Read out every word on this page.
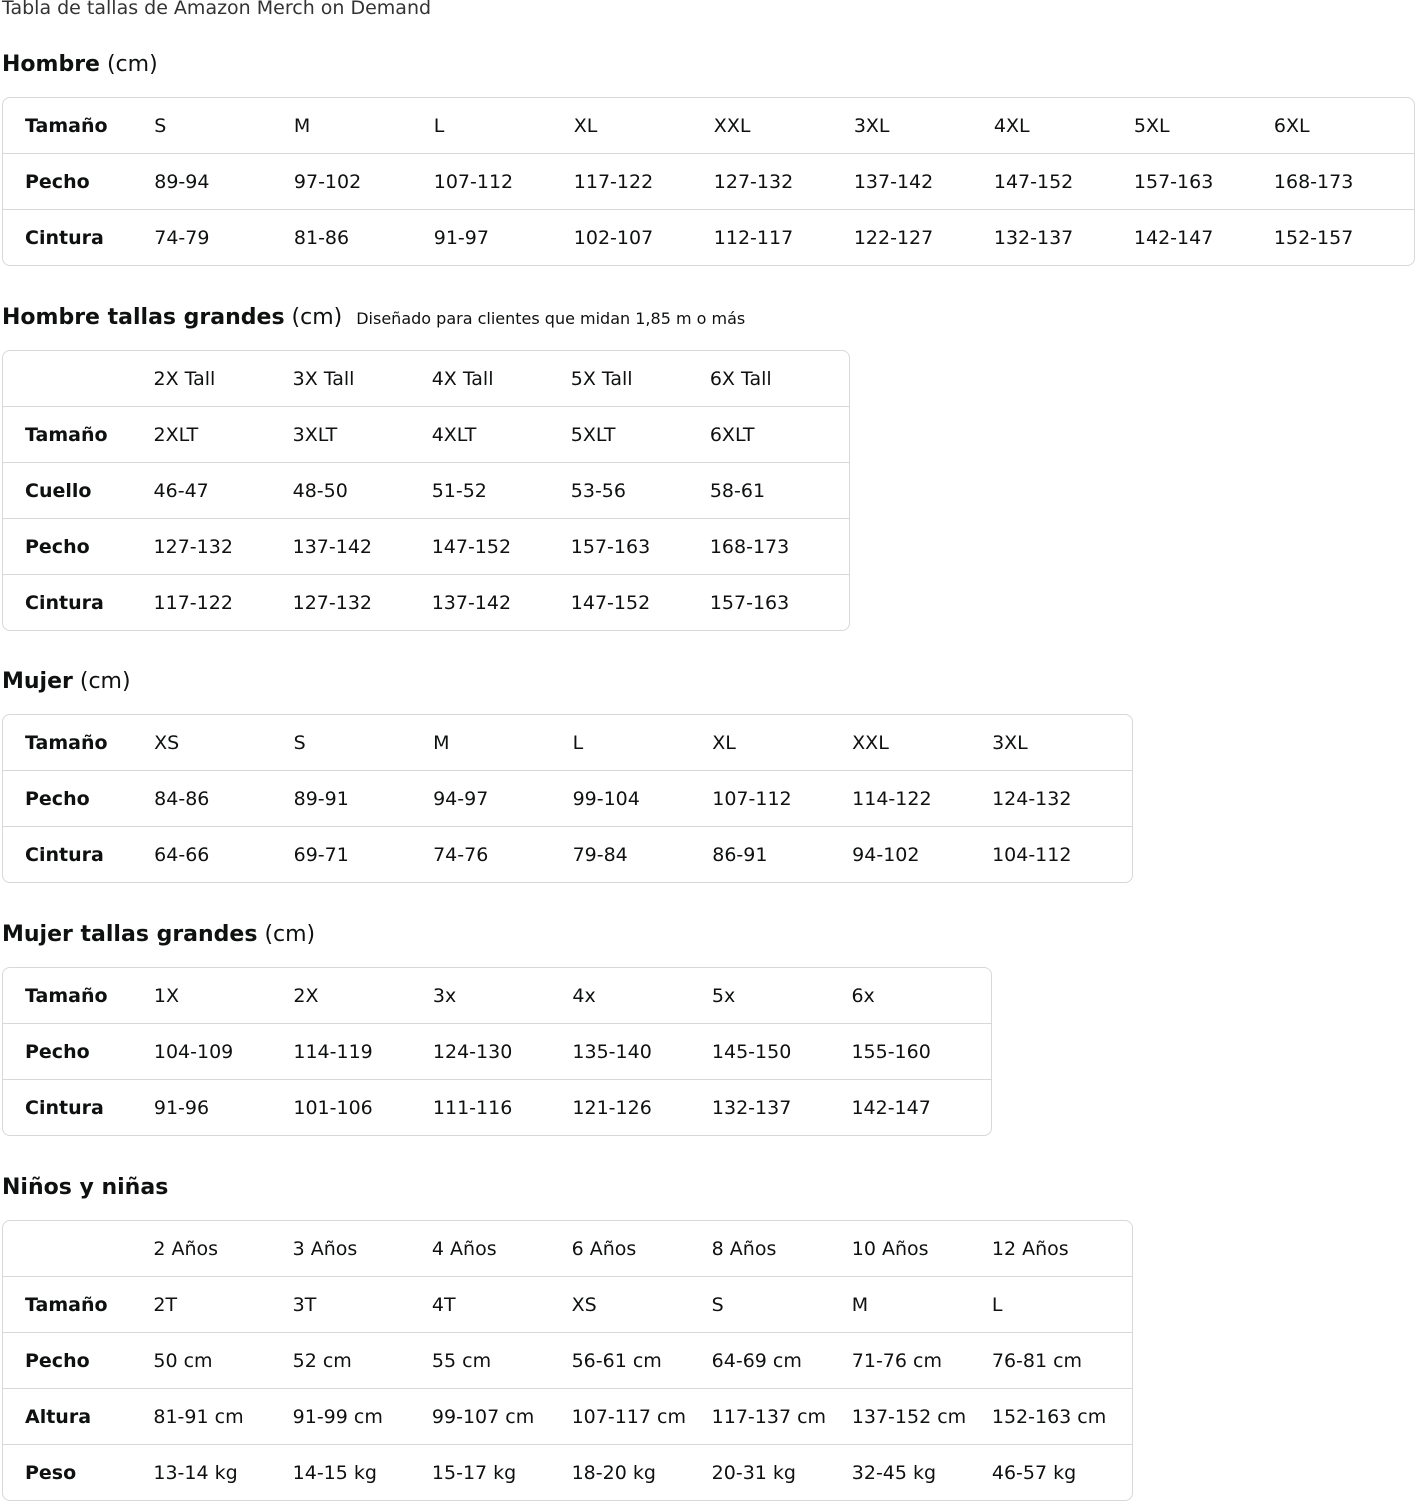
Tabla de tallas de Amazon Merch on Demand
Hombre (cm)
Tamaño	S	M	L	XL	XXL	3XL	4XL	5XL	6XL
Pecho	89-94	97-102	107-112	117-122	127-132	137-142	147-152	157-163	168-173
Cintura	74-79	81-86	91-97	102-107	112-117	122-127	132-137	142-147	152-157
Hombre tallas grandes (cm) Diseñado para clientes que midan 1,85 m o más
	2X Tall	3X Tall	4X Tall	5X Tall	6X Tall
Tamaño	2XLT	3XLT	4XLT	5XLT	6XLT
Cuello	46-47	48-50	51-52	53-56	58-61
Pecho	127-132	137-142	147-152	157-163	168-173
Cintura	117-122	127-132	137-142	147-152	157-163
Mujer (cm)
Tamaño	XS	S	M	L	XL	XXL	3XL
Pecho	84-86	89-91	94-97	99-104	107-112	114-122	124-132
Cintura	64-66	69-71	74-76	79-84	86-91	94-102	104-112
Mujer tallas grandes (cm)
Tamaño	1X	2X	3x	4x	5x	6x
Pecho	104-109	114-119	124-130	135-140	145-150	155-160
Cintura	91-96	101-106	111-116	121-126	132-137	142-147
Niños y niñas
	2 Años	3 Años	4 Años	6 Años	8 Años	10 Años	12 Años
Tamaño	2T	3T	4T	XS	S	M	L
Pecho	50 cm	52 cm	55 cm	56-61 cm	64-69 cm	71-76 cm	76-81 cm
Altura	81-91 cm	91-99 cm	99-107 cm	107-117 cm	117-137 cm	137-152 cm	152-163 cm
Peso	13-14 kg	14-15 kg	15-17 kg	18-20 kg	20-31 kg	32-45 kg	46-57 kg
